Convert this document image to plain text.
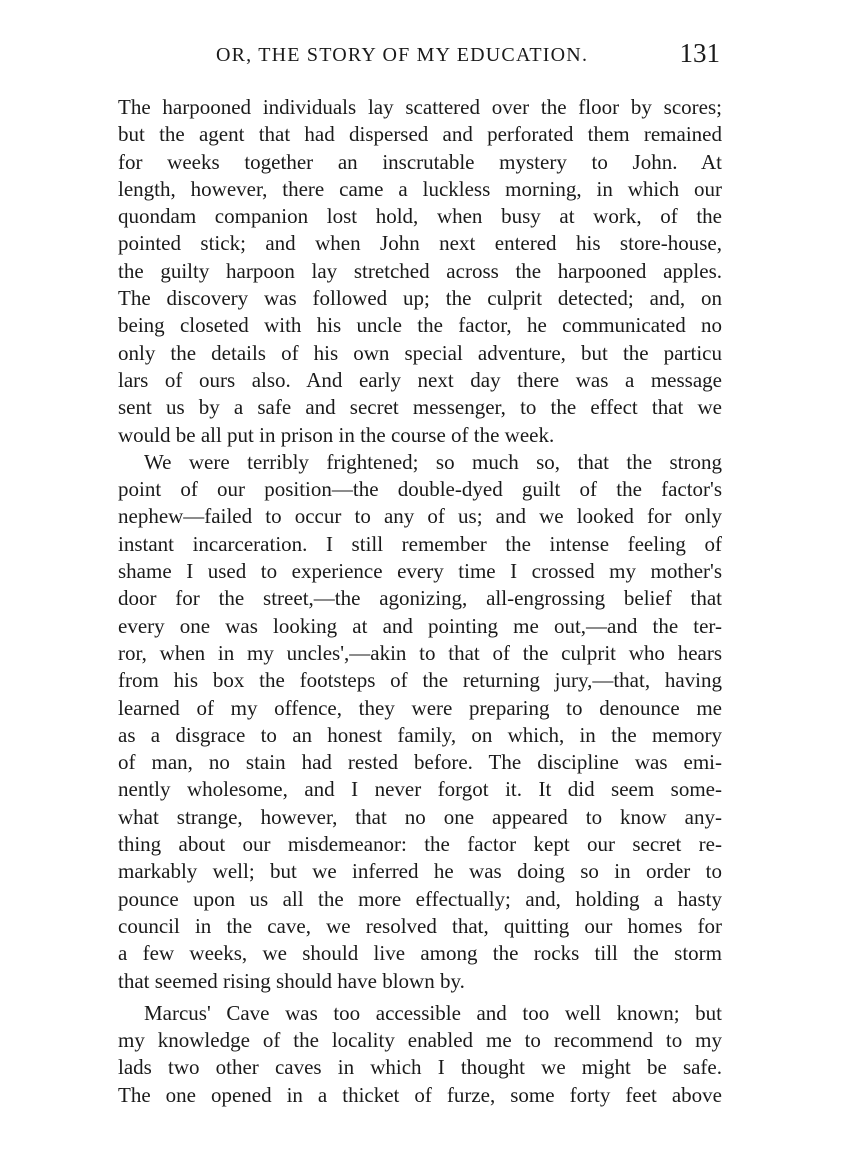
OR, THE STORY OF MY EDUCATION.	131
The harpooned individuals lay scattered over the floor by scores;
but the agent that had dispersed and perforated them remained
for weeks together an inscrutable mystery to John. At
length, however, there came a luckless morning, in which our
quondam companion lost hold, when busy at work, of the
pointed stick; and when John next entered his store-house,
the guilty harpoon lay stretched across the harpooned apples.
The discovery was followed up; the culprit detected; and, on
being closeted with his uncle the factor, he communicated no
only the details of his own special adventure, but the particu
lars of ours also. And early next day there was a message
sent us by a safe and secret messenger, to the effect that we
would be all put in prison in the course of the week.
We were terribly frightened; so much so, that the strong
point of our position—the double-dyed guilt of the factor's
nephew—failed to occur to any of us; and we looked for only
instant incarceration. I still remember the intense feeling of
shame I used to experience every time I crossed my mother's
door for the street,—the agonizing, all-engrossing belief that
every one was looking at and pointing me out,—and the ter-
ror, when in my uncles',—akin to that of the culprit who hears
from his box the footsteps of the returning jury,—that, having
learned of my offence, they were preparing to denounce me
as a disgrace to an honest family, on which, in the memory
of man, no stain had rested before. The discipline was emi-
nently wholesome, and I never forgot it. It did seem some-
what strange, however, that no one appeared to know any-
thing about our misdemeanor: the factor kept our secret re-
markably well; but we inferred he was doing so in order to
pounce upon us all the more effectually; and, holding a hasty
council in the cave, we resolved that, quitting our homes for
a few weeks, we should live among the rocks till the storm
that seemed rising should have blown by.
Marcus' Cave was too accessible and too well known; but
my knowledge of the locality enabled me to recommend to my
lads two other caves in which I thought we might be safe.
The one opened in a thicket of furze, some forty feet above
